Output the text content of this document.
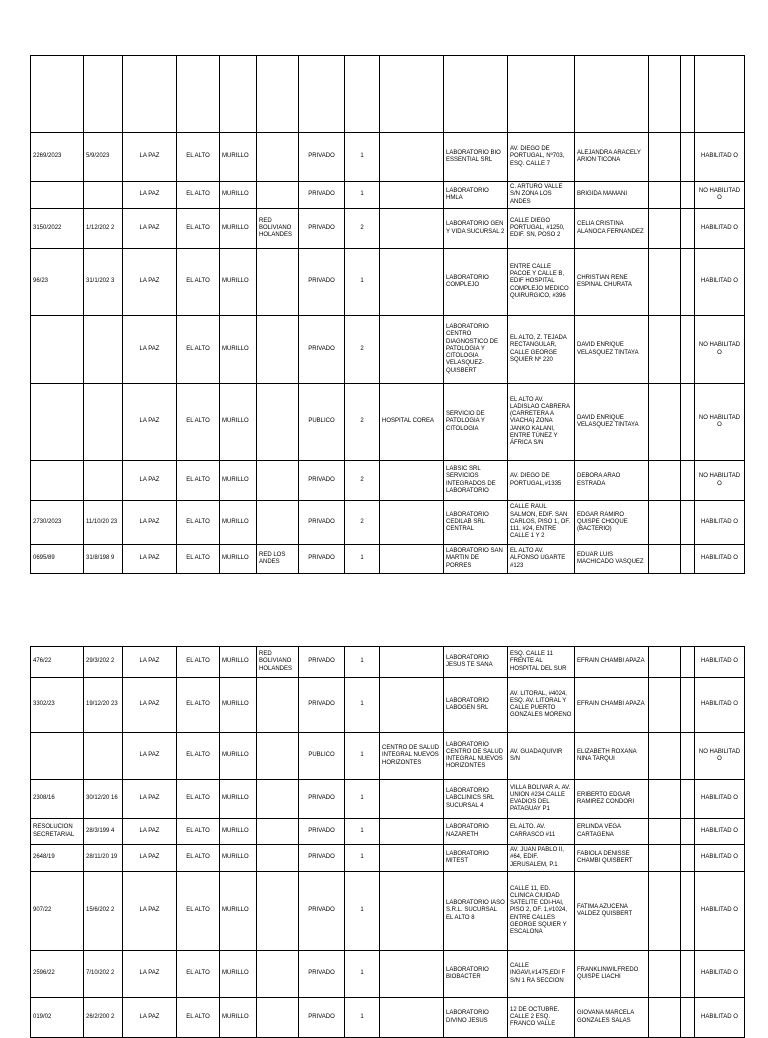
2269/2023	5/9/2023	LA PAZ	EL ALTO	MURILLO		PRIVADO	1		LABORATORIO BIO ESSENTIAL SRL	AV. DIEGO DE PORTUGAL, Nº703, ESQ. CALLE 7	ALEJANDRA ARACELY ARION TICONA			HABILITAD O
		LA PAZ	EL ALTO	MURILLO		PRIVADO	1		LABORATORIO HMLA	C. ARTURO VALLE S/N ZONA LOS ANDES	BRIGIDA MAMANI			NO HABILITAD O
3150/2022	1/12/202 2	LA PAZ	EL ALTO	MURILLO	RED BOLIVIANO HOLANDES	PRIVADO	2		LABORATORIO GEN Y VIDA SUCURSAL 2	CALLE DIEGO PORTUGAL, #1250, EDIF. SN, POSO 2	CELIA CRISTINA ALANOCA FERNANDEZ			HABILITAD O
96/23	31/1/202 3	LA PAZ	EL ALTO	MURILLO		PRIVADO	1		LABORATORIO COMPLEJO	ENTRE CALLE PACOE Y CALLE B, EDIF HOSPITAL COMPLEJO MEDICO QUIRURGICO, #396	CHRISTIAN RENE ESPINAL CHURATA			HABILITAD O
		LA PAZ	EL ALTO	MURILLO		PRIVADO	2		LABORATORIO CENTRO DIAGNOSTICO DE PATOLOGIA Y CITOLOGIA VELASQUEZ-QUISBERT	EL ALTO, Z. TEJADA RECTANGULAR, CALLE GEORGE SQUIER Nº 220	DAVID ENRIQUE VELASQUEZ TINTAYA			NO HABILITAD O
		LA PAZ	EL ALTO	MURILLO		PUBLICO	2	HOSPITAL COREA	SERVICIO DE PATOLOGIA Y CITOLOGIA	EL ALTO AV. LADISLAO CABRERA (CARRETERA A VIACHA) ZONA JANKO KALANI, ENTRE TÚNEZ Y ÁFRICA S/N	DAVID ENRIQUE VELASQUEZ TINTAYA			NO HABILITAD O
		LA PAZ	EL ALTO	MURILLO		PRIVADO	2		LABSIC SRL SERVICIOS INTEGRADOS DE LABORATORIO	AV. DIEGO DE PORTUGAL,#1335	DEBORA ARAO ESTRADA			NO HABILITAD O
2730/2023	11/10/20 23	LA PAZ	EL ALTO	MURILLO		PRIVADO	2		LABORATORIO CEDILAB SRL CENTRAL	CALLE RAUL SALMON, EDIF. SAN CARLOS, PISO 1, OF. 111, #24, ENTRE CALLE 1 Y 2	EDGAR RAMIRO QUISPE CHOQUE (BACTERIO)			HABILITAD O
0695/89	31/8/198 9	LA PAZ	EL ALTO	MURILLO	RED LOS ANDES	PRIVADO	1		LABORATORIO SAN MARTIN DE PORRES	EL ALTO AV. ALFONSO UGARTE #123	EDUAR LUIS MACHICADO VASQUEZ			HABILITAD O
476/22	29/3/202 2	LA PAZ	EL ALTO	MURILLO	RED BOLIVIANO HOLANDES	PRIVADO	1		LABORATORIO JESUS TE SANA	ESQ. CALLE 11 FRENTE AL HOSPITAL DEL SUR	EFRAIN CHAMBI APAZA			HABILITAD O
3302/23	19/12/20 23	LA PAZ	EL ALTO	MURILLO		PRIVADO	1		LABORATORIO LABOGEN SRL	AV. LITORAL, #4024, ESQ. AV. LITORAL Y CALLE PUERTO GONZALES MORENO	EFRAIN CHAMBI APAZA			HABILITAD O
		LA PAZ	EL ALTO	MURILLO		PUBLICO	1	CENTRO DE SALUD INTEGRAL NUEVOS HORIZONTES	LABORATORIO CENTRO DE SALUD INTEGRAL NUEVOS HORIZONTES	AV. GUADAQUIVIR S/N	ELIZABETH ROXANA NINA TARQUI			NO HABILITAD O
2308/16	30/12/20 16	LA PAZ	EL ALTO	MURILLO		PRIVADO	1		LABORATORIO LABCLINICS SRL SUCURSAL 4	VILLA BOLIVAR A. AV. UNION #234 CALLE EVADIOS DEL PATAGUAY P1	ERIBERTO EDGAR RAMIREZ CONDORI			HABILITAD O
RESOLUCION SECRETARIAL	28/3/199 4	LA PAZ	EL ALTO	MURILLO		PRIVADO	1		LABORATORIO NAZARETH	EL ALTO. AV. CARRASCO #11	ERLINDA VEGA CARTAGENA			HABILITAD O
2648/19	28/11/20 19	LA PAZ	EL ALTO	MURILLO		PRIVADO	1		LABORATORIO MITEST	AV. JUAN PABLO II, #64, EDIF. JERUSALEM, P.1	FABIOLA DENISSE CHAMBI QUISBERT			HABILITAD O
907/22	15/6/202 2	LA PAZ	EL ALTO	MURILLO		PRIVADO	1		LABORATORIO IASO S.R.L. SUCURSAL EL ALTO 8	CALLE 11, ED. CLINICA CIUIDAD SATELITE CDI-HAI, PISO 2, OF. 1,#1024, ENTRE CALLES GEORGE SQUIER Y ESCALONA	FATIMA AZUCENA VALDEZ QUISBERT			HABILITAD O
2596/22	7/10/202 2	LA PAZ	EL ALTO	MURILLO		PRIVADO	1		LABORATORIO BIOBACTER	CALLE INGAVI,#1475,EDI F S/N 1 RA SECCION	FRANKLINWILFREDO QUISPE LIACHI			HABILITAD O
019/02	26/2/200 2	LA PAZ	EL ALTO	MURILLO		PRIVADO	1		LABORATORIO DIVINO JESUS	12 DE OCTUBRE. CALLE 2 ESQ. FRANCO VALLE	GIOVANA MARCELA GONZALES SALAS			HABILITAD O
